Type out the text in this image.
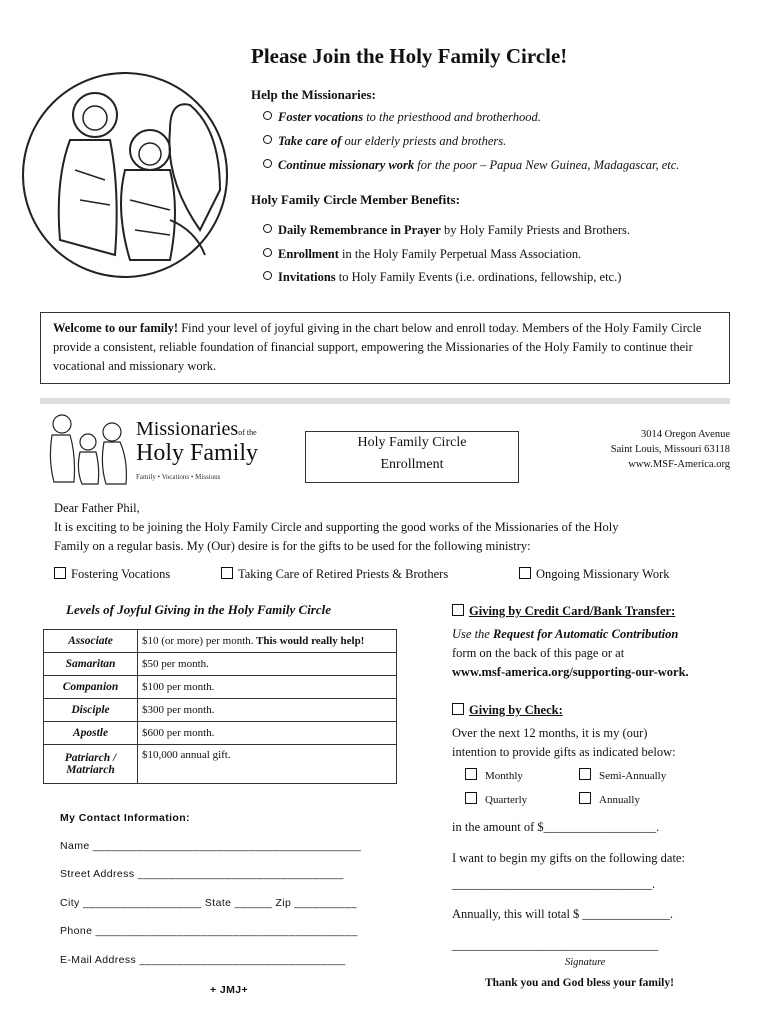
Please Join the Holy Family Circle!
Help the Missionaries:
Foster vocations to the priesthood and brotherhood.
Take care of our elderly priests and brothers.
Continue missionary work for the poor – Papua New Guinea, Madagascar, etc.
Holy Family Circle Member Benefits:
Daily Remembrance in Prayer by Holy Family Priests and Brothers.
Enrollment in the Holy Family Perpetual Mass Association.
Invitations to Holy Family Events (i.e. ordinations, fellowship, etc.)

Welcome to our family! Find your level of joyful giving in the chart below and enroll today. Members of the Holy Family Circle provide a consistent, reliable foundation of financial support, empowering the Missionaries of the Holy Family to continue their vocational and missionary work.

Missionariesof the
Holy Family
Family • Vocations • Missions
Holy Family Circle
Enrollment
3014 Oregon Avenue
Saint Louis, Missouri 63118
www.MSF-America.org
Dear Father Phil,
It is exciting to be joining the Holy Family Circle and supporting the good works of the Missionaries of the Holy
Family on a regular basis. My (Our) desire is for the gifts to be used for the following ministry:
Fostering Vocations	Taking Care of Retired Priests & Brothers	Ongoing Missionary Work
Levels of Joyful Giving in the Holy Family Circle
Associate	$10 (or more) per month. This would really help!
Samaritan	$50 per month.
Companion	$100 per month.
Disciple	$300 per month.
Apostle	$600 per month.
Patriarch / Matriarch	$10,000 annual gift.
My Contact Information:
Name ___________________________________________
Street Address _________________________________
City ___________________ State ______ Zip __________
Phone __________________________________________
E-Mail Address _________________________________
+ JMJ+
Giving by Credit Card/Bank Transfer:
Use the Request for Automatic Contribution
form on the back of this page or at
www.msf-america.org/supporting-our-work.
Giving by Check:
Over the next 12 months, it is my (our)
intention to provide gifts as indicated below:
Monthly	Semi-Annually
Quarterly	Annually
in the amount of $__________________.
I want to begin my gifts on the following date:
________________________________.
Annually, this will total $ ______________.
_________________________________
Signature
Thank you and God bless your family!
